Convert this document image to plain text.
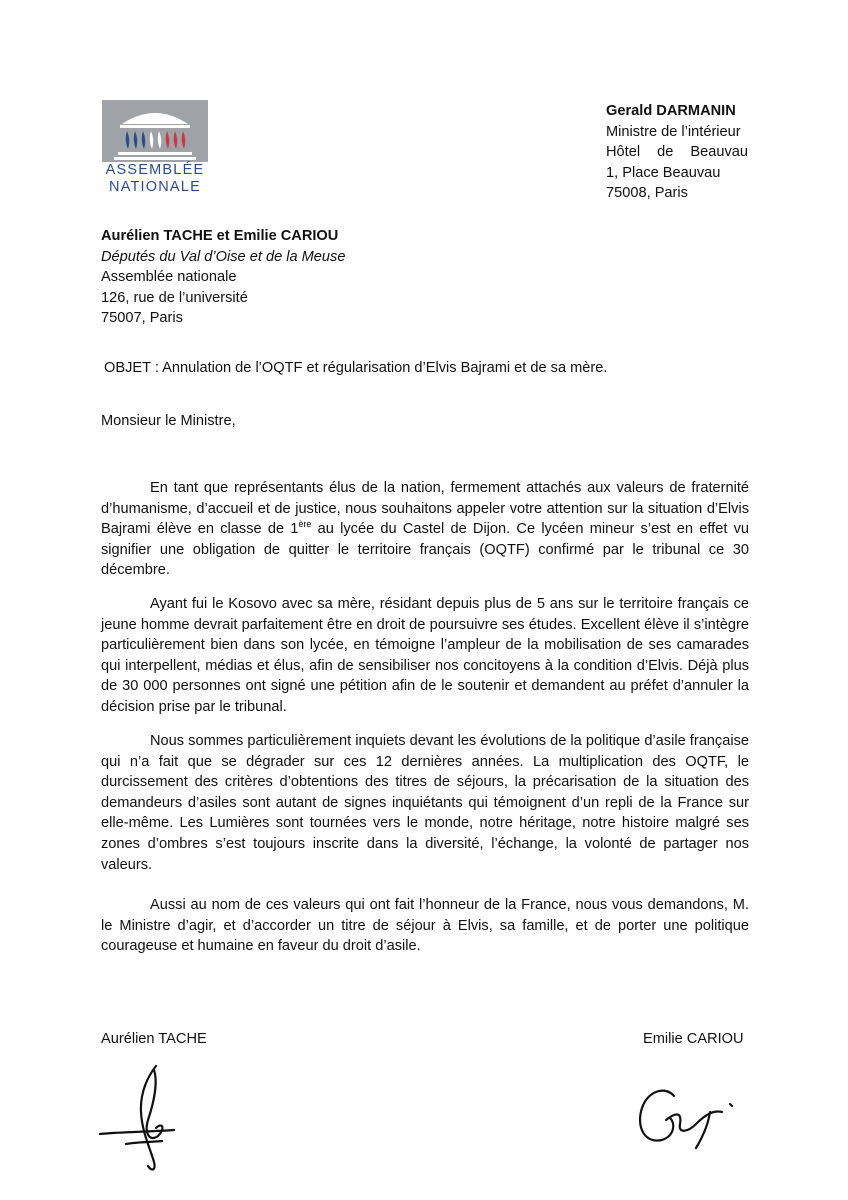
ASSEMBLÉE
NATIONALE
Gerald DARMANIN
Ministre de l’intérieur
Hôtel de Beauvau
1, Place Beauvau
75008, Paris
Aurélien TACHE et Emilie CARIOU
Députés du Val d’Oise et de la Meuse
Assemblée nationale
126, rue de l’université
75007, Paris
OBJET : Annulation de l’OQTF et régularisation d’Elvis Bajrami et de sa mère.
Monsieur le Ministre,

En tant que représentants élus de la nation, fermement attachés aux valeurs de fraternité d’humanisme, d’accueil et de justice, nous souhaitons appeler votre attention sur la situation d’Elvis Bajrami élève en classe de 1ère au lycée du Castel de Dijon. Ce lycéen mineur s’est en effet vu signifier une obligation de quitter le territoire français (OQTF) confirmé par le tribunal ce 30 décembre.

Ayant fui le Kosovo avec sa mère, résidant depuis plus de 5 ans sur le territoire français ce jeune homme devrait parfaitement être en droit de poursuivre ses études. Excellent élève il s’intègre particulièrement bien dans son lycée, en témoigne l’ampleur de la mobilisation de ses camarades qui interpellent, médias et élus, afin de sensibiliser nos concitoyens à la condition d’Elvis. Déjà plus de 30 000 personnes ont signé une pétition afin de le soutenir et demandent au préfet d’annuler la décision prise par le tribunal.

Nous sommes particulièrement inquiets devant les évolutions de la politique d’asile française qui n’a fait que se dégrader sur ces 12 dernières années. La multiplication des OQTF, le durcissement des critères d’obtentions des titres de séjours, la précarisation de la situation des demandeurs d’asiles sont autant de signes inquiétants qui témoignent d’un repli de la France sur elle-même. Les Lumières sont tournées vers le monde, notre héritage, notre histoire malgré ses zones d’ombres s’est toujours inscrite dans la diversité, l’échange, la volonté de partager nos valeurs.

Aussi au nom de ces valeurs qui ont fait l’honneur de la France, nous vous demandons, M. le Ministre d’agir, et d’accorder un titre de séjour à Elvis, sa famille, et de porter une politique courageuse et humaine en faveur du droit d’asile.

Aurélien TACHE	Emilie CARIOU
